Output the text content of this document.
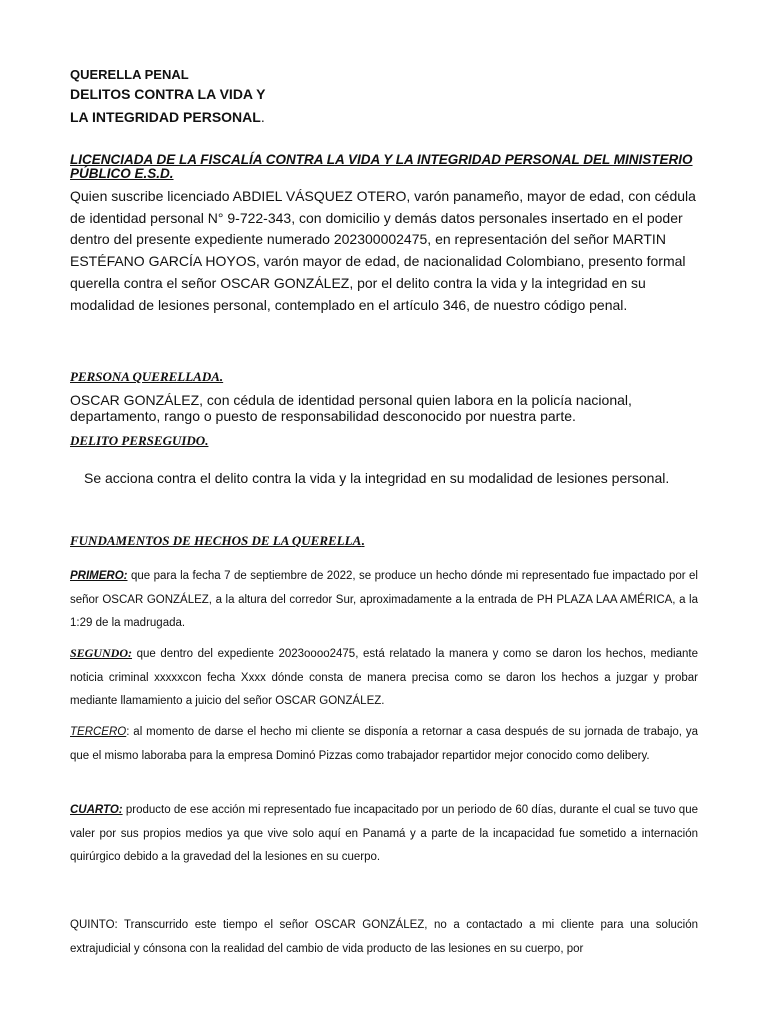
QUERELLA PENAL

DELITOS CONTRA LA VIDA Y

LA INTEGRIDAD PERSONAL.

LICENCIADA DE LA FISCALÍA CONTRA LA VIDA Y LA INTEGRIDAD PERSONAL DEL MINISTERIO PÚBLICO E.S.D.

Quien suscribe licenciado ABDIEL VÁSQUEZ OTERO, varón panameño, mayor de edad, con cédula de identidad personal N° 9-722-343, con domicilio y demás datos personales insertado en el poder dentro del presente expediente numerado 202300002475, en representación del señor MARTIN ESTÉFANO GARCÍA HOYOS, varón mayor de edad, de nacionalidad Colombiano, presento formal querella contra el señor OSCAR GONZÁLEZ, por el delito contra la vida y la integridad en su modalidad de lesiones personal, contemplado en el artículo 346, de nuestro código penal.

PERSONA QUERELLADA.

OSCAR GONZÁLEZ, con cédula de identidad personal quien labora en la policía nacional, departamento, rango o puesto de responsabilidad desconocido por nuestra parte.

DELITO PERSEGUIDO.

Se acciona contra el delito contra la vida y la integridad en su modalidad de lesiones personal.

FUNDAMENTOS DE HECHOS DE LA QUERELLA.

PRIMERO: que para la fecha 7 de septiembre de 2022, se produce un hecho dónde mi representado fue impactado por el señor OSCAR GONZÁLEZ, a la altura del corredor Sur, aproximadamente a la entrada de PH PLAZA LAA AMÉRICA, a la 1:29 de la madrugada.

SEGUNDO: que dentro del expediente 2023oooo2475, está relatado la manera y como se daron los hechos, mediante noticia criminal xxxxxcon fecha Xxxx dónde consta de manera precisa como se daron los hechos a juzgar y probar mediante llamamiento a juicio del señor OSCAR GONZÁLEZ.

TERCERO: al momento de darse el hecho mi cliente se disponía a retornar a casa después de su jornada de trabajo, ya que el mismo laboraba para la empresa Dominó Pizzas como trabajador repartidor mejor conocido como delibery.

CUARTO: producto de ese acción mi representado fue incapacitado por un periodo de 60 días, durante el cual se tuvo que valer por sus propios medios ya que vive solo aquí en Panamá y a parte de la incapacidad fue sometido a internación quirúrgico debido a la gravedad del la lesiones en su cuerpo.

QUINTO: Transcurrido este tiempo el señor OSCAR GONZÁLEZ, no a contactado a mi cliente para una solución extrajudicial y cónsona con la realidad del cambio de vida producto de las lesiones en su cuerpo, por
